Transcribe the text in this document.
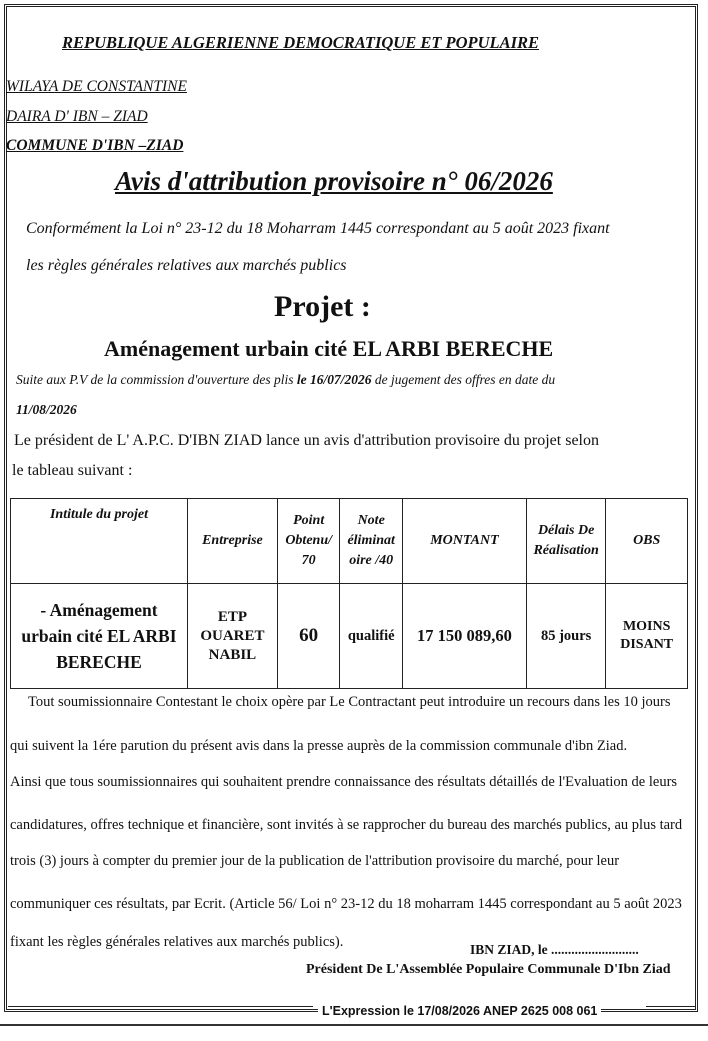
REPUBLIQUE ALGERIENNE DEMOCRATIQUE ET POPULAIRE
WILAYA DE CONSTANTINE
DAIRA D' IBN – ZIAD
COMMUNE D'IBN –ZIAD
Avis d'attribution provisoire n° 06/2026
Conformément la Loi n° 23-12 du 18 Moharram 1445 correspondant au 5 août 2023 fixant
les règles générales relatives aux marchés publics
Projet :
Aménagement urbain cité EL ARBI BERECHE
Suite aux P.V de la commission d'ouverture des plis le 16/07/2026 de jugement des offres en date du
11/08/2026
Le président de L' A.P.C. D'IBN ZIAD lance un avis d'attribution provisoire du projet selon
le tableau suivant :
Intitule du projet	Entreprise	Point Obtenu/ 70	Note éliminat oire /40	MONTANT	Délais De Réalisation	OBS
- Aménagement urbain cité EL ARBI BERECHE	ETP OUARET NABIL	60	qualifié	17 150 089,60	85 jours	MOINS DISANT
Tout soumissionnaire Contestant le choix opère par Le Contractant peut introduire un recours dans les 10 jours
qui suivent la 1ére parution du présent avis dans la presse auprès de la commission communale d'ibn Ziad.
Ainsi que tous soumissionnaires qui souhaitent prendre connaissance des résultats détaillés de l'Evaluation de leurs
candidatures, offres technique et financière, sont invités à se rapprocher du bureau des marchés publics, au plus tard
trois (3) jours à compter du premier jour de la publication de l'attribution provisoire du marché, pour leur
communiquer ces résultats, par Ecrit. (Article 56/ Loi n° 23-12 du 18 moharram 1445 correspondant au 5 août 2023
fixant les règles générales relatives aux marchés publics).	IBN ZIAD, le ..........................
Président De L'Assemblée Populaire Communale D'Ibn Ziad
L'Expression le 17/08/2026 ANEP 2625 008 061
